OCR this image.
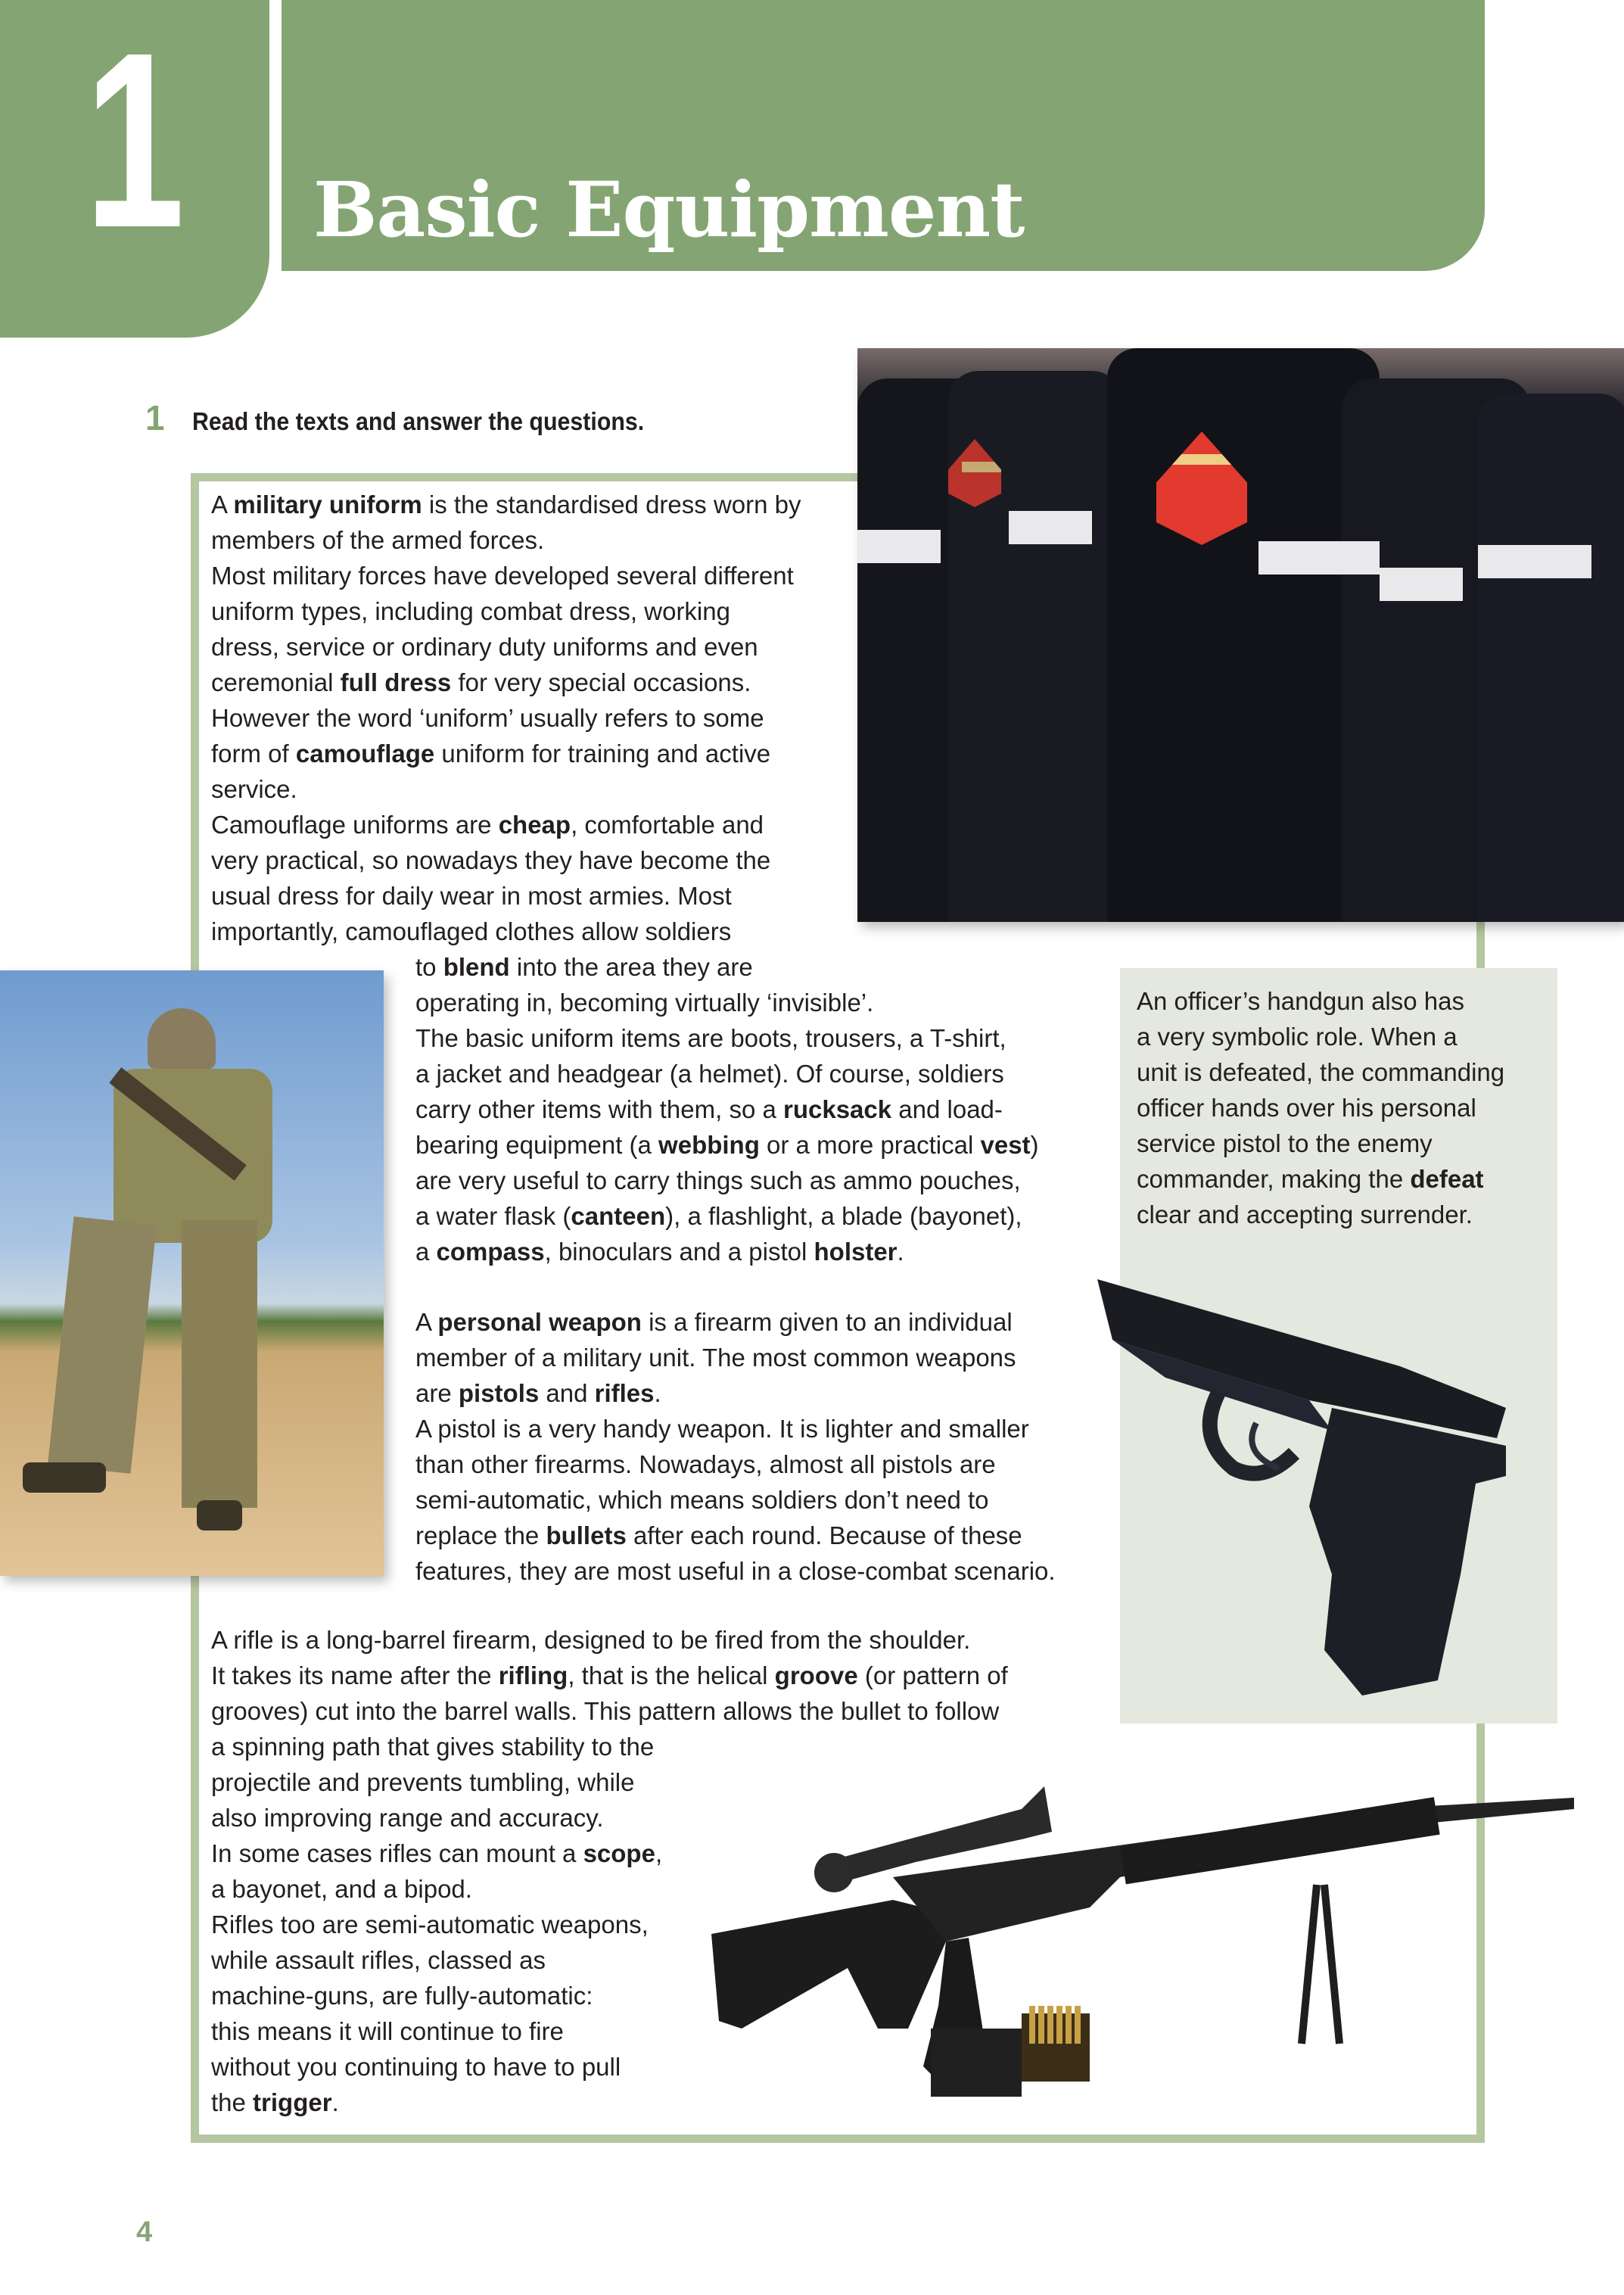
1	Basic Equipment
1	Read the texts and answer the questions.
A military uniform is the standardised dress worn by
members of the armed forces.
Most military forces have developed several different
uniform types, including combat dress, working
dress, service or ordinary duty uniforms and even
ceremonial full dress for very special occasions.
However the word ‘uniform’ usually refers to some
form of camouflage uniform for training and active
service.
Camouflage uniforms are cheap, comfortable and
very practical, so nowadays they have become the
usual dress for daily wear in most armies. Most
importantly, camouflaged clothes allow soldiers
to blend into the area they are
operating in, becoming virtually ‘invisible’.
The basic uniform items are boots, trousers, a T-shirt,
a jacket and headgear (a helmet). Of course, soldiers
carry other items with them, so a rucksack and load-
bearing equipment (a webbing or a more practical vest)
are very useful to carry things such as ammo pouches,
a water flask (canteen), a flashlight, a blade (bayonet),
a compass, binoculars and a pistol holster.
A personal weapon is a firearm given to an individual
member of a military unit. The most common weapons
are pistols and rifles.
A pistol is a very handy weapon. It is lighter and smaller
than other firearms. Nowadays, almost all pistols are
semi-automatic, which means soldiers don’t need to
replace the bullets after each round. Because of these
features, they are most useful in a close-combat scenario.
An officer’s handgun also has
a very symbolic role. When a
unit is defeated, the commanding
officer hands over his personal
service pistol to the enemy
commander, making the defeat
clear and accepting surrender.
A rifle is a long-barrel firearm, designed to be fired from the shoulder.
It takes its name after the rifling, that is the helical groove (or pattern of
grooves) cut into the barrel walls. This pattern allows the bullet to follow
a spinning path that gives stability to the
projectile and prevents tumbling, while
also improving range and accuracy.
In some cases rifles can mount a scope,
a bayonet, and a bipod.
Rifles too are semi-automatic weapons,
while assault rifles, classed as
machine-guns, are fully-automatic:
this means it will continue to fire
without you continuing to have to pull
the trigger.
4
